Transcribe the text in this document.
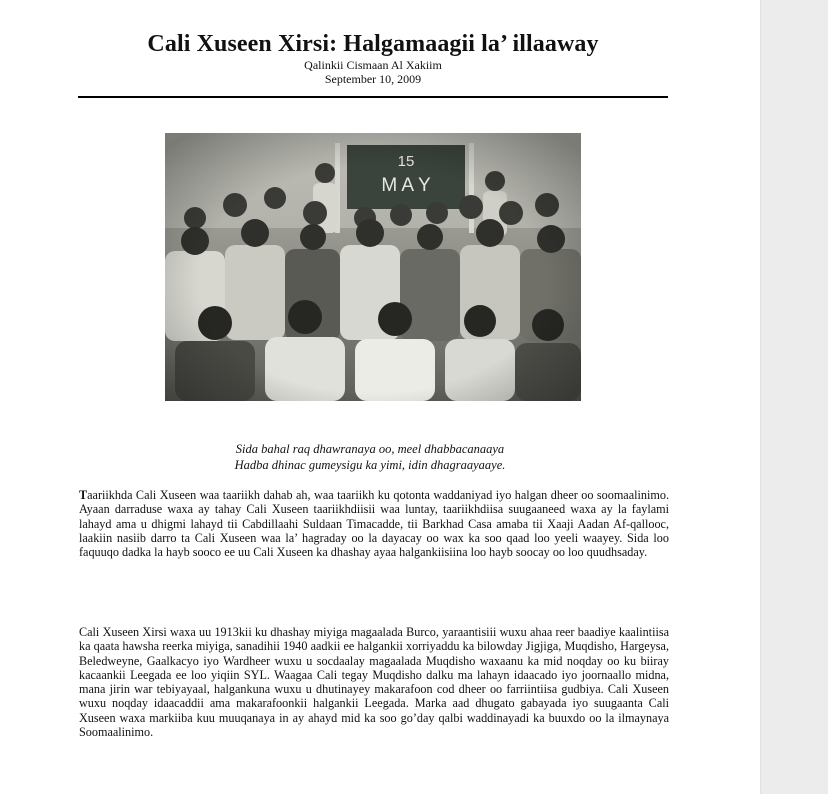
Cali Xuseen Xirsi: Halgamaagii la’ illaaway

Qalinkii Cismaan Al Xakiim

September 10, 2009

Sida bahal raq dhawranaya oo, meel dhabbacanaaya

Hadba dhinac gumeysigu ka yimi, idin dhagraayaaye.

Taariikhda Cali Xuseen waa taariikh dahab ah, waa taariikh ku qotonta waddaniyad iyo halgan dheer oo soomaalinimo. Ayaan darraduse waxa ay tahay Cali Xuseen taariikhdiisii waa luntay, taariikhdiisa suugaaneed waxa ay la faylami lahayd ama u dhigmi lahayd tii Cabdillaahi Suldaan Timacadde, tii Barkhad Casa amaba tii Xaaji Aadan Af-qallooc, laakiin nasiib darro ta Cali Xuseen waa la’ hagraday oo la dayacay oo wax ka soo qaad loo yeeli waayey. Sida loo faquuqo dadka la hayb sooco ee uu Cali Xuseen ka dhashay ayaa halgankiisiina loo hayb soocay oo loo quudhsaday.

Cali Xuseen Xirsi waxa uu 1913kii ku dhashay miyiga magaalada Burco, yaraantisiii wuxu ahaa reer baadiye kaalintiisa ka qaata hawsha reerka miyiga, sanadihii 1940 aadkii ee halgankii xorriyaddu ka bilowday Jigjiga, Muqdisho, Hargeysa, Beledweyne, Gaalkacyo iyo Wardheer wuxu u socdaalay magaalada Muqdisho waxaanu ka mid noqday oo ku biiray kacaankii Leegada ee loo yiqiin SYL. Waagaa Cali tegay Muqdisho dalku ma lahayn idaacado iyo joornaallo midna, mana jirin war tebiyayaal, halgankuna wuxu u dhutinayey makarafoon cod dheer oo farriintiisa gudbiya. Cali Xuseen wuxu noqday idaacaddii ama makarafoonkii halgankii Leegada. Marka aad dhugato gabayada iyo suugaanta Cali Xuseen waxa markiiba kuu muuqanaya in ay ahayd mid ka soo go’day qalbi waddinayadi ka buuxdo oo la ilmaynaya Soomaalinimo.
